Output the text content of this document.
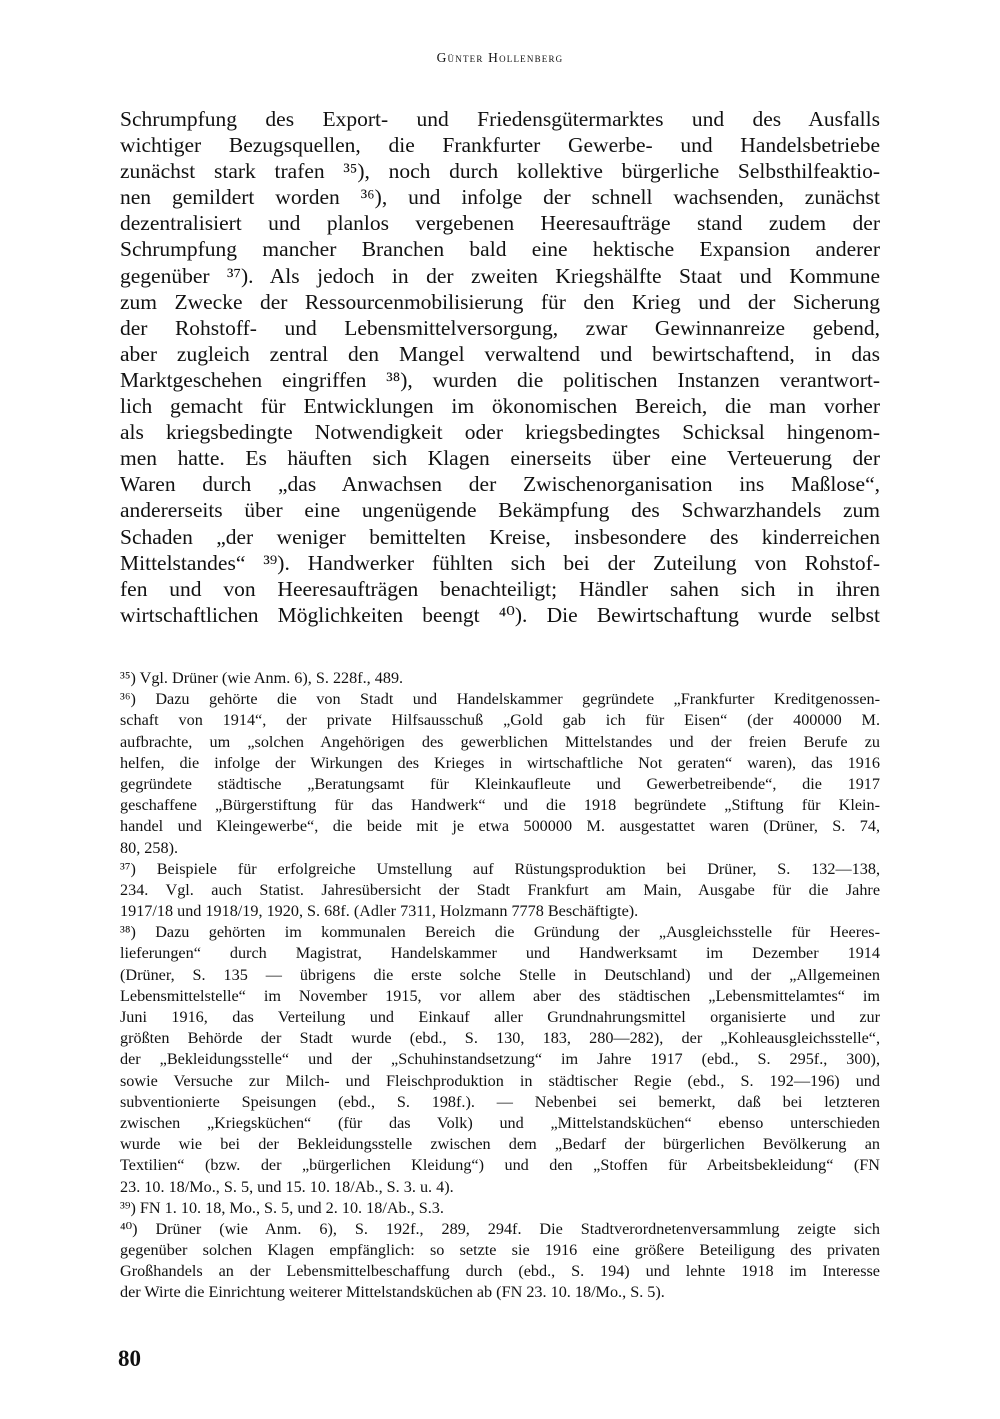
Günter Hollenberg
Schrumpfung des Export- und Friedensgütermarktes und des Ausfalls
wichtiger Bezugsquellen, die Frankfurter Gewerbe- und Handelsbetriebe
zunächst stark trafen ³⁵), noch durch kollektive bürgerliche Selbsthilfeaktio-
nen gemildert worden ³⁶), und infolge der schnell wachsenden, zunächst
dezentralisiert und planlos vergebenen Heeresaufträge stand zudem der
Schrumpfung mancher Branchen bald eine hektische Expansion anderer
gegenüber ³⁷). Als jedoch in der zweiten Kriegshälfte Staat und Kommune
zum Zwecke der Ressourcenmobilisierung für den Krieg und der Sicherung
der Rohstoff- und Lebensmittelversorgung, zwar Gewinnanreize gebend,
aber zugleich zentral den Mangel verwaltend und bewirtschaftend, in das
Marktgeschehen eingriffen ³⁸), wurden die politischen Instanzen verantwort-
lich gemacht für Entwicklungen im ökonomischen Bereich, die man vorher
als kriegsbedingte Notwendigkeit oder kriegsbedingtes Schicksal hingenom-
men hatte. Es häuften sich Klagen einerseits über eine Verteuerung der
Waren durch „das Anwachsen der Zwischenorganisation ins Maßlose“,
andererseits über eine ungenügende Bekämpfung des Schwarzhandels zum
Schaden „der weniger bemittelten Kreise, insbesondere des kinderreichen
Mittelstandes“ ³⁹). Handwerker fühlten sich bei der Zuteilung von Rohstof-
fen und von Heeresaufträgen benachteiligt; Händler sahen sich in ihren
wirtschaftlichen Möglichkeiten beengt ⁴⁰). Die Bewirtschaftung wurde selbst
³⁵) Vgl. Drüner (wie Anm. 6), S. 228f., 489.
³⁶) Dazu gehörte die von Stadt und Handelskammer gegründete „Frankfurter Kreditgenossen-
schaft von 1914“, der private Hilfsausschuß „Gold gab ich für Eisen“ (der 400000 M.
aufbrachte, um „solchen Angehörigen des gewerblichen Mittelstandes und der freien Berufe zu
helfen, die infolge der Wirkungen des Krieges in wirtschaftliche Not geraten“ waren), das 1916
gegründete städtische „Beratungsamt für Kleinkaufleute und Gewerbetreibende“, die 1917
geschaffene „Bürgerstiftung für das Handwerk“ und die 1918 begründete „Stiftung für Klein-
handel und Kleingewerbe“, die beide mit je etwa 500000 M. ausgestattet waren (Drüner, S. 74,
80, 258).
³⁷) Beispiele für erfolgreiche Umstellung auf Rüstungsproduktion bei Drüner, S. 132—138,
234. Vgl. auch Statist. Jahresübersicht der Stadt Frankfurt am Main, Ausgabe für die Jahre
1917/18 und 1918/19, 1920, S. 68f. (Adler 7311, Holzmann 7778 Beschäftigte).
³⁸) Dazu gehörten im kommunalen Bereich die Gründung der „Ausgleichsstelle für Heeres-
lieferungen“ durch Magistrat, Handelskammer und Handwerksamt im Dezember 1914
(Drüner, S. 135 — übrigens die erste solche Stelle in Deutschland) und der „Allgemeinen
Lebensmittelstelle“ im November 1915, vor allem aber des städtischen „Lebensmittelamtes“ im
Juni 1916, das Verteilung und Einkauf aller Grundnahrungsmittel organisierte und zur
größten Behörde der Stadt wurde (ebd., S. 130, 183, 280—282), der „Kohleausgleichsstelle“,
der „Bekleidungsstelle“ und der „Schuhinstandsetzung“ im Jahre 1917 (ebd., S. 295f., 300),
sowie Versuche zur Milch- und Fleischproduktion in städtischer Regie (ebd., S. 192—196) und
subventionierte Speisungen (ebd., S. 198f.). — Nebenbei sei bemerkt, daß bei letzteren
zwischen „Kriegsküchen“ (für das Volk) und „Mittelstandsküchen“ ebenso unterschieden
wurde wie bei der Bekleidungsstelle zwischen dem „Bedarf der bürgerlichen Bevölkerung an
Textilien“ (bzw. der „bürgerlichen Kleidung“) und den „Stoffen für Arbeitsbekleidung“ (FN
23. 10. 18/Mo., S. 5, und 15. 10. 18/Ab., S. 3. u. 4).
³⁹) FN 1. 10. 18, Mo., S. 5, und 2. 10. 18/Ab., S.3.
⁴⁰) Drüner (wie Anm. 6), S. 192f., 289, 294f. Die Stadtverordnetenversammlung zeigte sich
gegenüber solchen Klagen empfänglich: so setzte sie 1916 eine größere Beteiligung des privaten
Großhandels an der Lebensmittelbeschaffung durch (ebd., S. 194) und lehnte 1918 im Interesse
der Wirte die Einrichtung weiterer Mittelstandsküchen ab (FN 23. 10. 18/Mo., S. 5).
80
